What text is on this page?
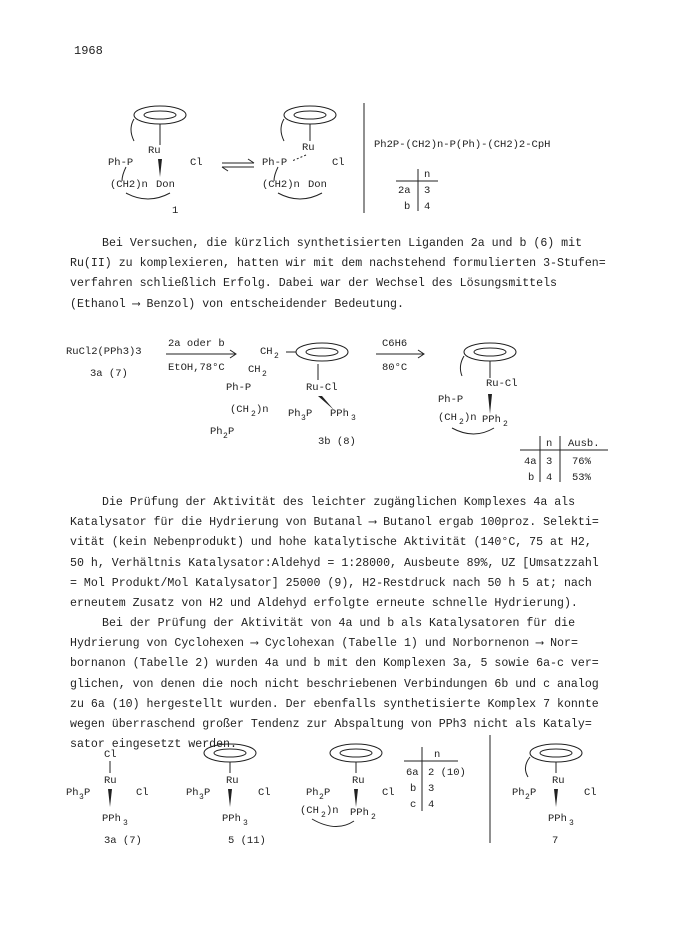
1968
Ru
Cl
Ph-P
(CH2)n Don
1
Ru
Cl
Ph-P
(CH2)n Don
Ph2P-(CH2)n-P(Ph)-(CH2)2-CpH
n
2a 3
b 4
Bei Versuchen, die kürzlich synthetisierten Liganden 2a und b (6) mit
Ru(II) zu komplexieren, hatten wir mit dem nachstehend formulierten 3-Stufen=
verfahren schließlich Erfolg. Dabei war der Wechsel des Lösungsmittels
(Ethanol ⟶ Benzol) von entscheidender Bedeutung.
RuCl2(PPh3)3
3a (7)
2a oder b
EtOH,78°C
CH 2
CH 2
Ph-P	Ru-Cl
(CH 2 )n
Ph 2 P
Ph 3 P PPh 3
3b (8)
C6H6
80°C
Ru-Cl
Ph-P
(CH 2 )n PPh 2
n Ausb.
4a 3 76%
b 4 53%
Die Prüfung der Aktivität des leichter zugänglichen Komplexes 4a als
Katalysator für die Hydrierung von Butanal ⟶ Butanol ergab 100proz. Selekti=
vität (kein Nebenprodukt) und hohe katalytische Aktivität (140°C, 75 at H2,
50 h, Verhältnis Katalysator:Aldehyd = 1:28000, Ausbeute 89%, UZ [Umsatzzahl
= Mol Produkt/Mol Katalysator] 25000 (9), H2-Restdruck nach 50 h 5 at; nach
erneutem Zusatz von H2 und Aldehyd erfolgte erneute schnelle Hydrierung).
Bei der Prüfung der Aktivität von 4a und b als Katalysatoren für die
Hydrierung von Cyclohexen ⟶ Cyclohexan (Tabelle 1) und Norbornenon ⟶ Nor=
bornanon (Tabelle 2) wurden 4a und b mit den Komplexen 3a, 5 sowie 6a-c ver=
glichen, von denen die noch nicht beschriebenen Verbindungen 6b und c analog
zu 6a (10) hergestellt wurden. Der ebenfalls synthetisierte Komplex 7 konnte
wegen überraschend großer Tendenz zur Abspaltung von PPh3 nicht als Kataly=
sator eingesetzt werden.
Cl
Ru
Ph 3 P	Cl
PPh 3
3a (7)
Ru
Ph 3 P	Cl
PPh 3
5 (11)
Ru
Ph 2 P	Cl
(CH 2 )n PPh 2
n
6a 2 (10)
b 3
c 4
Ru
Ph 2 P	Cl
PPh 3
7
